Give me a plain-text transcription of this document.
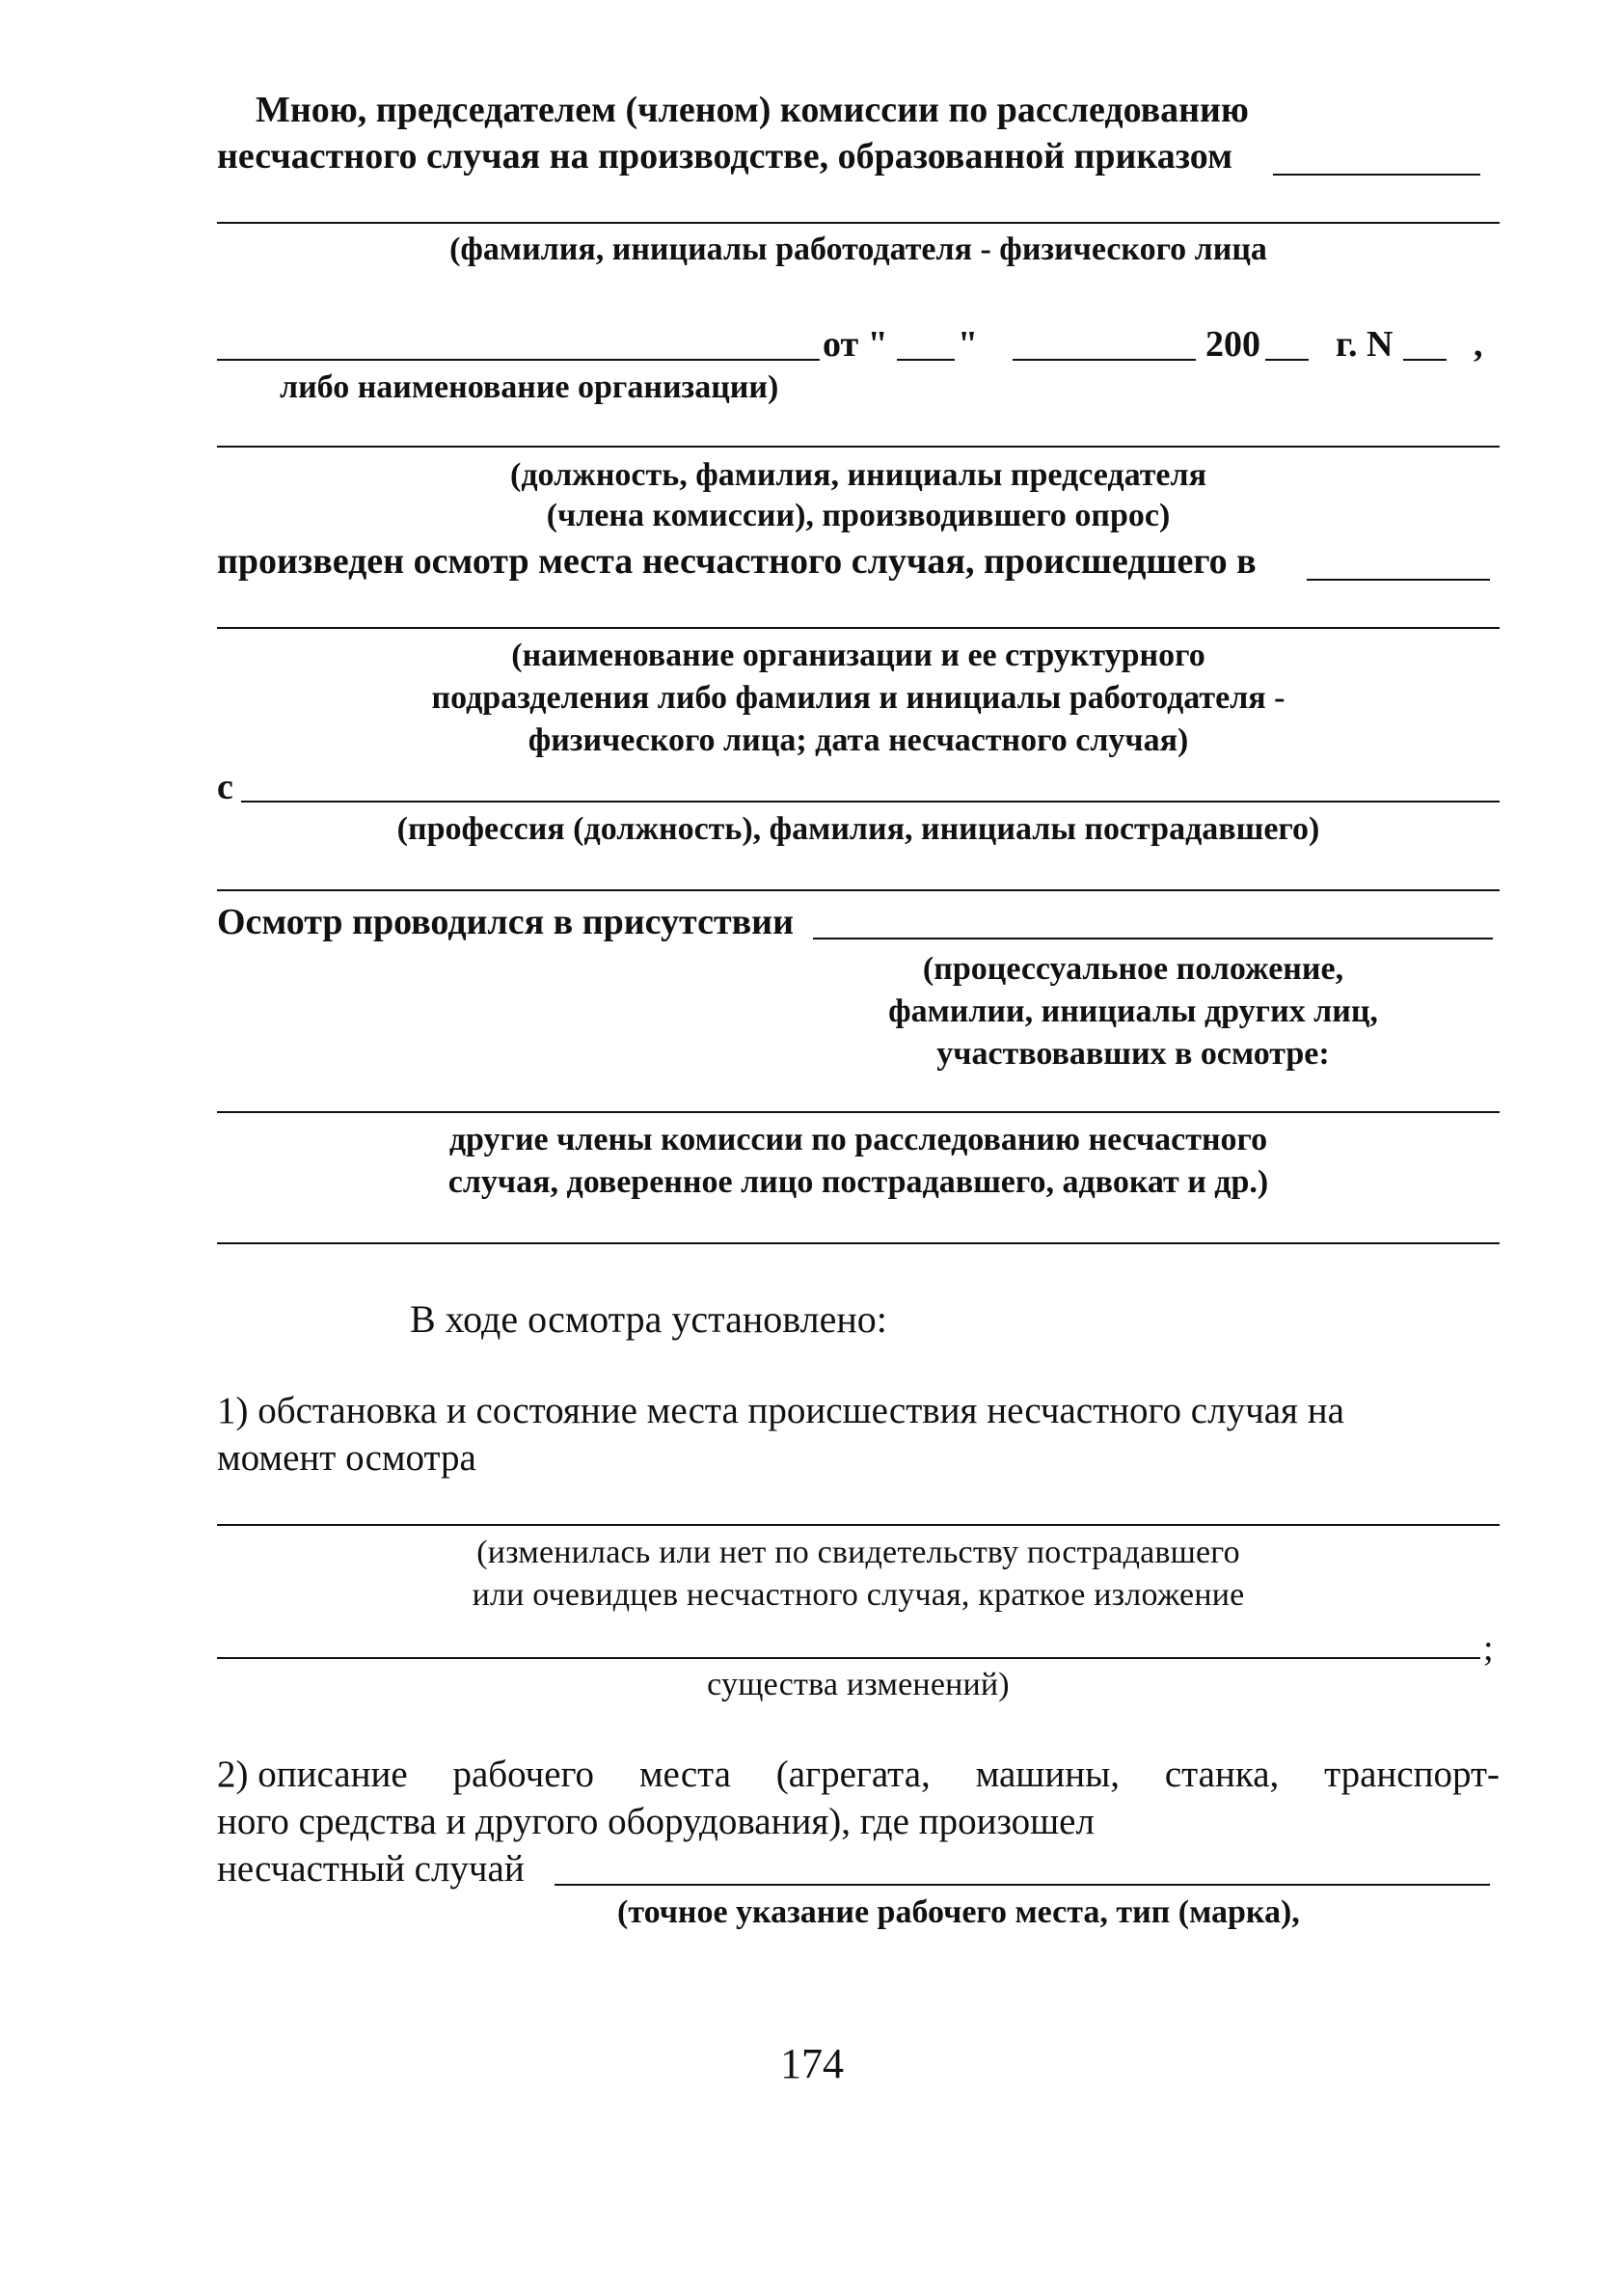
Мною, председателем (членом) комиссии по расследованию
несчастного случая на производстве, образованной приказом
(фамилия, инициалы работодателя - физического лица
от " "	200 г. N ,
либо наименование организации)
(должность, фамилия, инициалы председателя
(члена комиссии), производившего опрос)
произведен осмотр места несчастного случая, происшедшего в
(наименование организации и ее структурного
подразделения либо фамилия и инициалы работодателя -
физического лица; дата несчастного случая)
с
(профессия (должность), фамилия, инициалы пострадавшего)
Осмотр проводился в присутствии
(процессуальное положение,
фамилии, инициалы других лиц,
участвовавших в осмотре:
другие члены комиссии по расследованию несчастного
случая, доверенное лицо пострадавшего, адвокат и др.)
В ходе осмотра установлено:
1) обстановка и состояние места происшествия несчастного случая на
момент осмотра
(изменилась или нет по свидетельству пострадавшего
или очевидцев несчастного случая, краткое изложение
;
существа изменений)
2) описание рабочего места (агрегата, машины, станка, транспорт-
ного средства и другого оборудования), где произошел
несчастный случай
(точное указание рабочего места, тип (марка),
174
